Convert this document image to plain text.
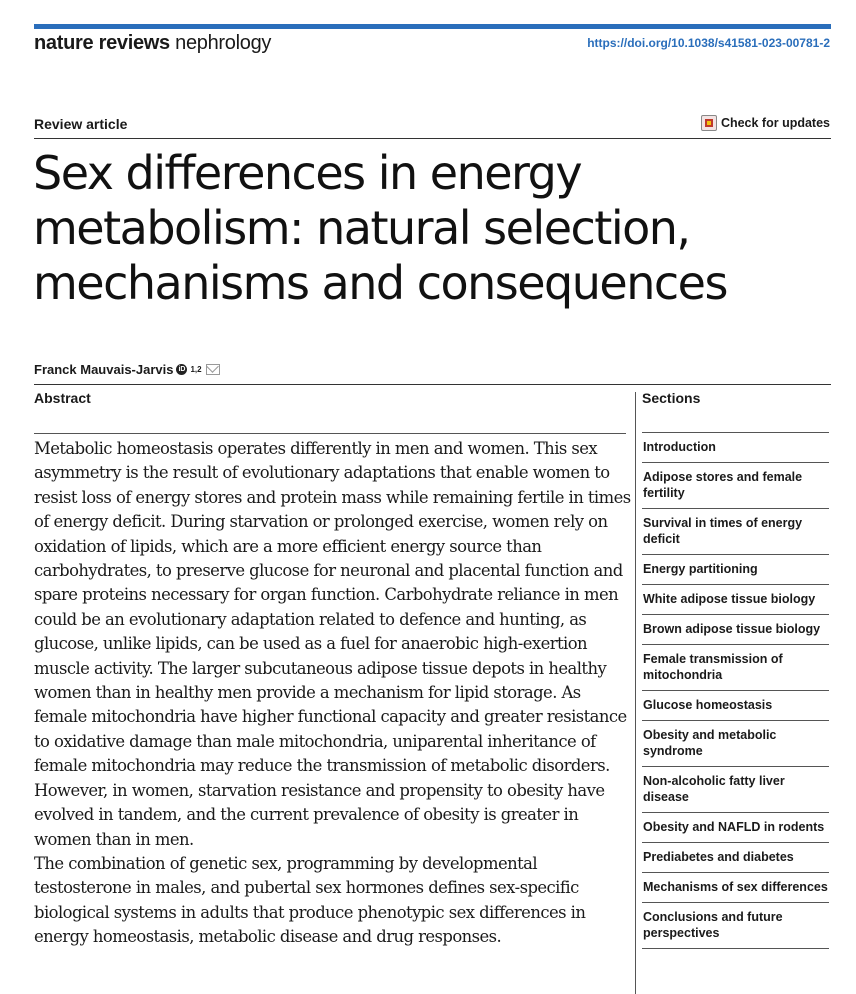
nature reviews nephrology	https://doi.org/10.1038/s41581-023-00781-2
Review article	Check for updates
Sex differences in energy metabolism: natural selection, mechanisms and consequences
Franck Mauvais-Jarvis iD 1,2
Abstract

Metabolic homeostasis operates differently in men and women. This sex asymmetry is the result of evolutionary adaptations that enable women to resist loss of energy stores and protein mass while remaining fertile in times of energy deficit. During starvation or prolonged exercise, women rely on oxidation of lipids, which are a more efficient energy source than carbohydrates, to preserve glucose for neuronal and placental function and spare proteins necessary for organ function. Carbohydrate reliance in men could be an evolutionary adaptation related to defence and hunting, as glucose, unlike lipids, can be used as a fuel for anaerobic high-exertion muscle activity. The larger subcutaneous adipose tissue depots in healthy women than in healthy men provide a mechanism for lipid storage. As female mitochondria have higher functional capacity and greater resistance to oxidative damage than male mitochondria, uniparental inheritance of female mitochondria may reduce the transmission of metabolic disorders. However, in women, starvation resistance and propensity to obesity have evolved in tandem, and the current prevalence of obesity is greater in women than in men.

The combination of genetic sex, programming by developmental testosterone in males, and pubertal sex hormones defines sex-specific biological systems in adults that produce phenotypic sex differences in energy homeostasis, metabolic disease and drug responses.

Sections
Introduction
Adipose stores and female fertility
Survival in times of energy deficit
Energy partitioning
White adipose tissue biology
Brown adipose tissue biology
Female transmission of mitochondria
Glucose homeostasis
Obesity and metabolic syndrome
Non-alcoholic fatty liver disease
Obesity and NAFLD in rodents
Prediabetes and diabetes
Mechanisms of sex differences
Conclusions and future perspectives
